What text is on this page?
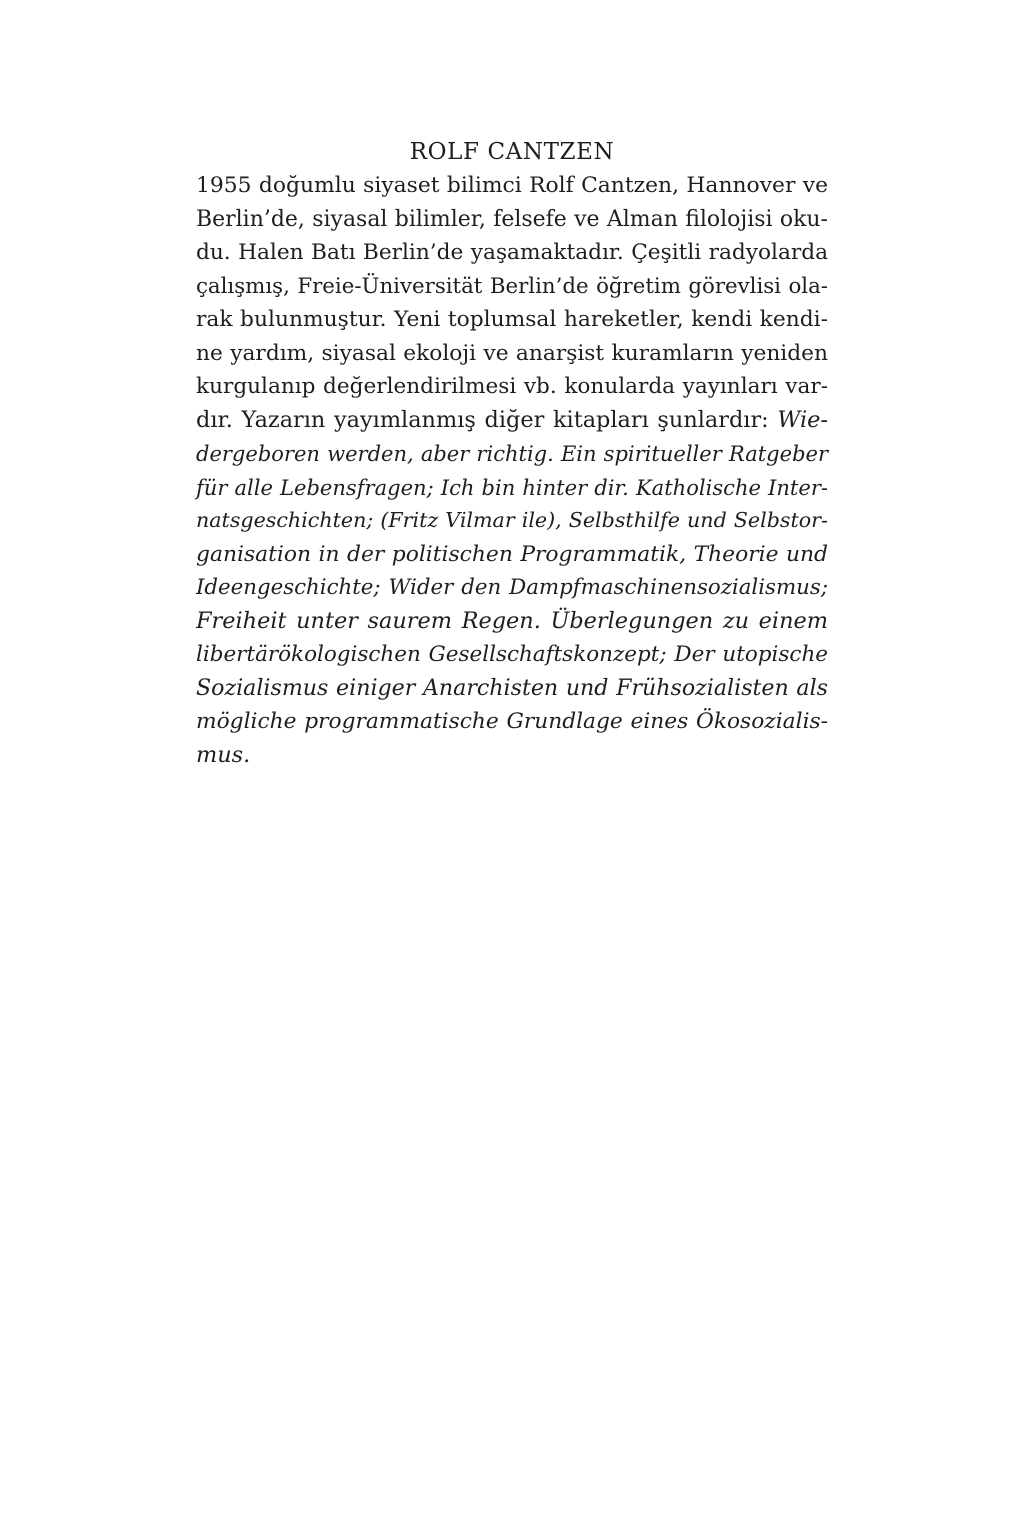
ROLF CANTZEN
1955 doğumlu siyaset bilimci Rolf Cantzen, Hannover ve
Berlin’de, siyasal bilimler, felsefe ve Alman filolojisi oku-
du. Halen Batı Berlin’de yaşamaktadır. Çeşitli radyolarda
çalışmış, Freie-Üniversität Berlin’de öğretim görevlisi ola-
rak bulunmuştur. Yeni toplumsal hareketler, kendi kendi-
ne yardım, siyasal ekoloji ve anarşist kuramların yeniden
kurgulanıp değerlendirilmesi vb. konularda yayınları var-
dır. Yazarın yayımlanmış diğer kitapları şunlardır: Wie-
dergeboren werden, aber richtig. Ein spiritueller Ratgeber
für alle Lebensfragen; Ich bin hinter dir. Katholische Inter-
natsgeschichten; (Fritz Vilmar ile), Selbsthilfe und Selbstor-
ganisation in der politischen Programmatik, Theorie und
Ideengeschichte; Wider den Dampfmaschinensozialismus;
Freiheit unter saurem Regen. Überlegungen zu einem
libertärökologischen Gesellschaftskonzept; Der utopische
Sozialismus einiger Anarchisten und Frühsozialisten als
mögliche programmatische Grundlage eines Ökosozialis-
mus.
